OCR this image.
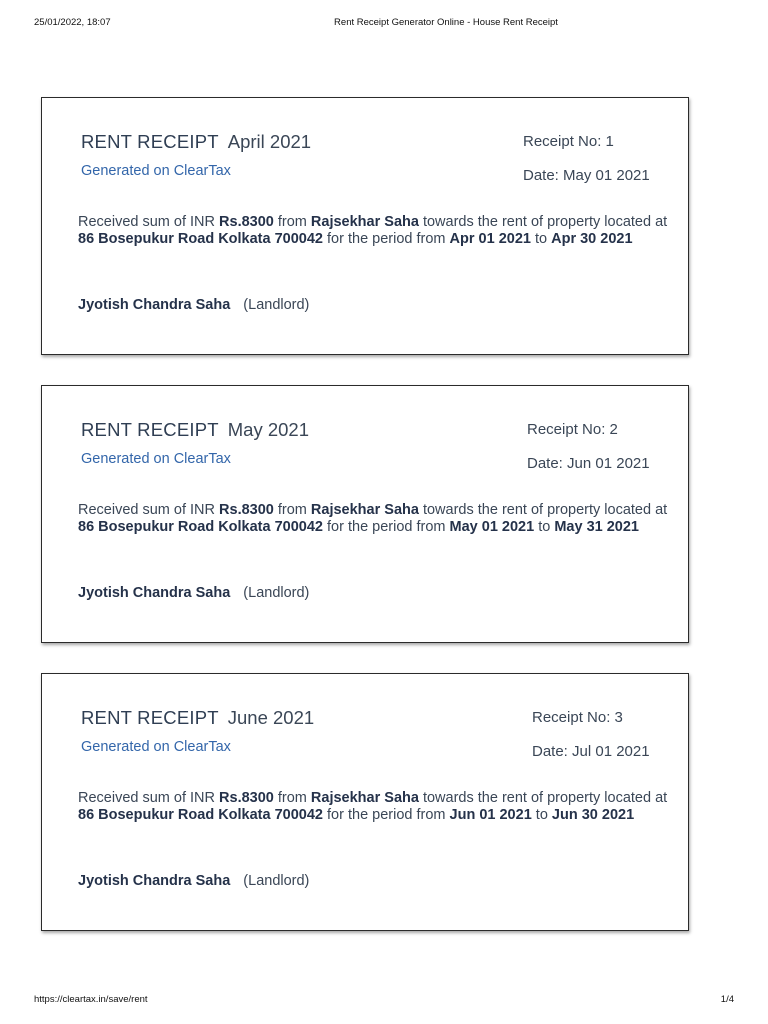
25/01/2022, 18:07	Rent Receipt Generator Online - House Rent Receipt
RENT RECEIPT April 2021
Generated on ClearTax
Receipt No: 1
Date: May 01 2021
Received sum of INR Rs.8300 from Rajsekhar Saha towards the rent of property located at 86 Bosepukur Road Kolkata 700042 for the period from Apr 01 2021 to Apr 30 2021
Jyotish Chandra Saha (Landlord)
RENT RECEIPT May 2021
Generated on ClearTax
Receipt No: 2
Date: Jun 01 2021
Received sum of INR Rs.8300 from Rajsekhar Saha towards the rent of property located at 86 Bosepukur Road Kolkata 700042 for the period from May 01 2021 to May 31 2021
Jyotish Chandra Saha (Landlord)
RENT RECEIPT June 2021
Generated on ClearTax
Receipt No: 3
Date: Jul 01 2021
Received sum of INR Rs.8300 from Rajsekhar Saha towards the rent of property located at 86 Bosepukur Road Kolkata 700042 for the period from Jun 01 2021 to Jun 30 2021
Jyotish Chandra Saha (Landlord)
https://cleartax.in/save/rent	1/4
